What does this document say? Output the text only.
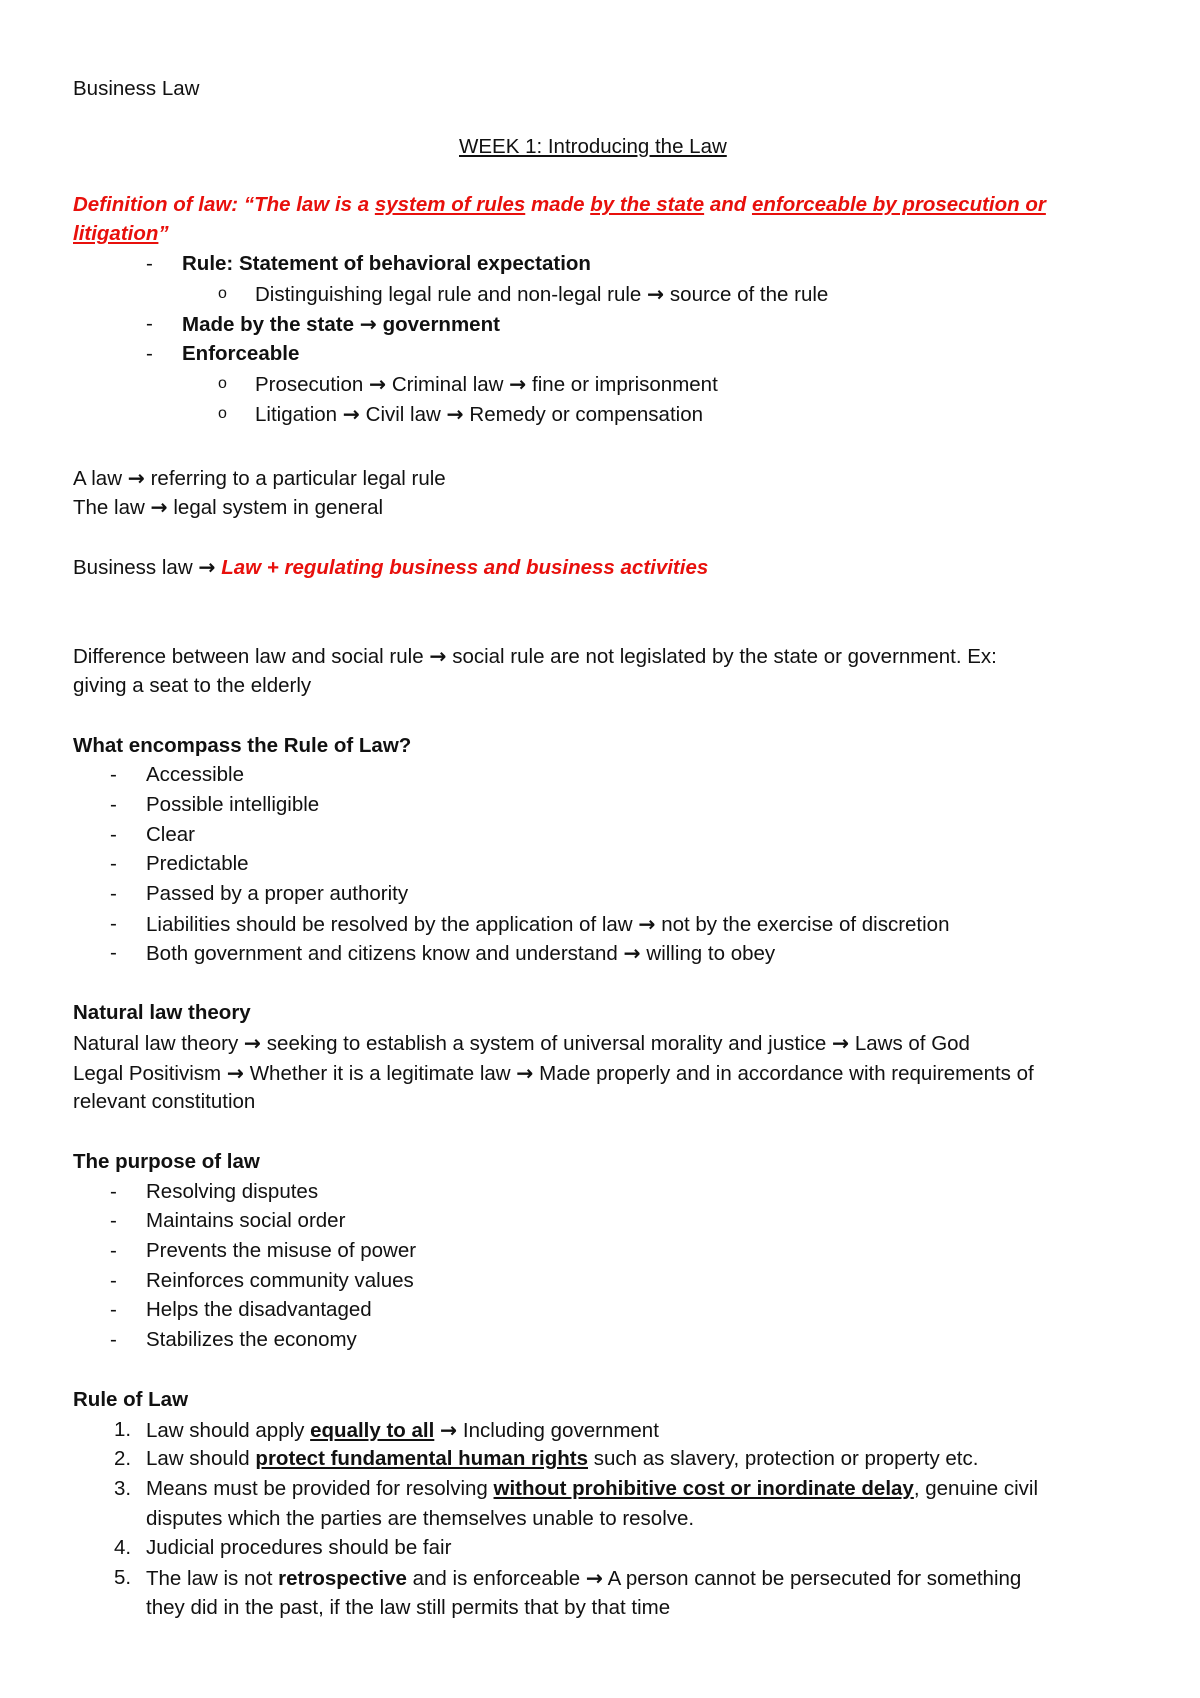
Business Law
WEEK 1: Introducing the Law
Definition of law: “The law is a system of rules made by the state and enforceable by prosecution or
litigation”
- Rule: Statement of behavioral expectation
o Distinguishing legal rule and non-legal rule → source of the rule
- Made by the state → government
- Enforceable
o Prosecution → Criminal law → fine or imprisonment
o Litigation → Civil law → Remedy or compensation
A law → referring to a particular legal rule
The law → legal system in general
Business law → Law + regulating business and business activities
Difference between law and social rule → social rule are not legislated by the state or government. Ex:
giving a seat to the elderly
What encompass the Rule of Law?
- Accessible
- Possible intelligible
- Clear
- Predictable
- Passed by a proper authority
- Liabilities should be resolved by the application of law → not by the exercise of discretion
- Both government and citizens know and understand → willing to obey
Natural law theory
Natural law theory → seeking to establish a system of universal morality and justice → Laws of God
Legal Positivism → Whether it is a legitimate law → Made properly and in accordance with requirements of
relevant constitution
The purpose of law
- Resolving disputes
- Maintains social order
- Prevents the misuse of power
- Reinforces community values
- Helps the disadvantaged
- Stabilizes the economy
Rule of Law
1. Law should apply equally to all → Including government
2. Law should protect fundamental human rights such as slavery, protection or property etc.
3. Means must be provided for resolving without prohibitive cost or inordinate delay, genuine civil
disputes which the parties are themselves unable to resolve.
4. Judicial procedures should be fair
5. The law is not retrospective and is enforceable → A person cannot be persecuted for something
they did in the past, if the law still permits that by that time
